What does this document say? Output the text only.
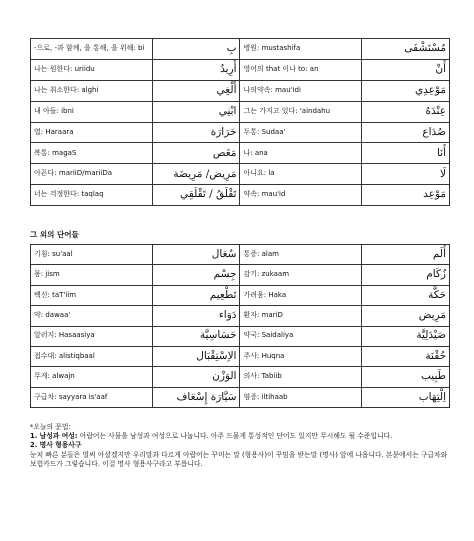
-으로, -과 함께, 을 통해, 을 위해: bi	بِ	병원: mustashifa	مُسْتَشْفَى
나는 원한다: uriidu	أُرِيدُ	영어의 that 이나 to: an	أَنْ
나는 취소한다: alghi	أُلْغِي	나의약속: mau'idi	مَوْعِدِي
내 아들: ibni	ابْنِي	그는 가지고 있다: 'aindahu	عِنْدَهُ
열: Haraara	حَرَارَة	두통: Sudaa'	صُدَاع
복통: magaS	مَغَص	나: ana	أَنَا
아픈다: mariiD/mariiDa	مَرِيض/ مَرِيضَة	아니요: la	لَا
너는 걱정한다: taqlaq	تَقْلَقُ / تَقْلَقِي	약속: mau'id	مَوْعِد
그 외의 단어들
기침: su'aal	سُعَال	통증: alam	أَلَم
몸: jism	جِسْم	감기: zukaam	زُكَام
백신: taT'iim	تَطْعِيم	가려움: Haka	حَكَّة
약: dawaa'	دَوَاء	환자: mariD	مَرِيض
알러지: Hasaasiya	حَسَاسِيَّة	약국: Saidaliya	صَيْدَلِيَّة
접수대: alistiqbaal	الاِسْتِقْبَال	주사: Huqna	حُقْنَة
무게: alwajn	الوَزْن	의사: Tabiib	طَبِيب
구급차: sayyara is'aaf	سَيَّارَة إِسْعَاف	염증: iltihaab	اِلْتِهَاب

*오늘의 문법:

1. 남성과 여성: 아랍어는 사물을 남성과 여성으로 나눕니다. 아주 드물게 통성적인 단어도 있지만 무시해도 될 수준입니다.

2. 명사 형용사구

눈치 빠른 분들은 벌써 아셨겠지만 우리말과 다르게 아랍어는 꾸미는 말 (형용사)이 꾸밈을 받는말 (명사) 앞에 나옵니다. 본문에서는 구급차와 보험카드가 그렇습니다. 이걸 명사 형용사구라고 부릅니다.
